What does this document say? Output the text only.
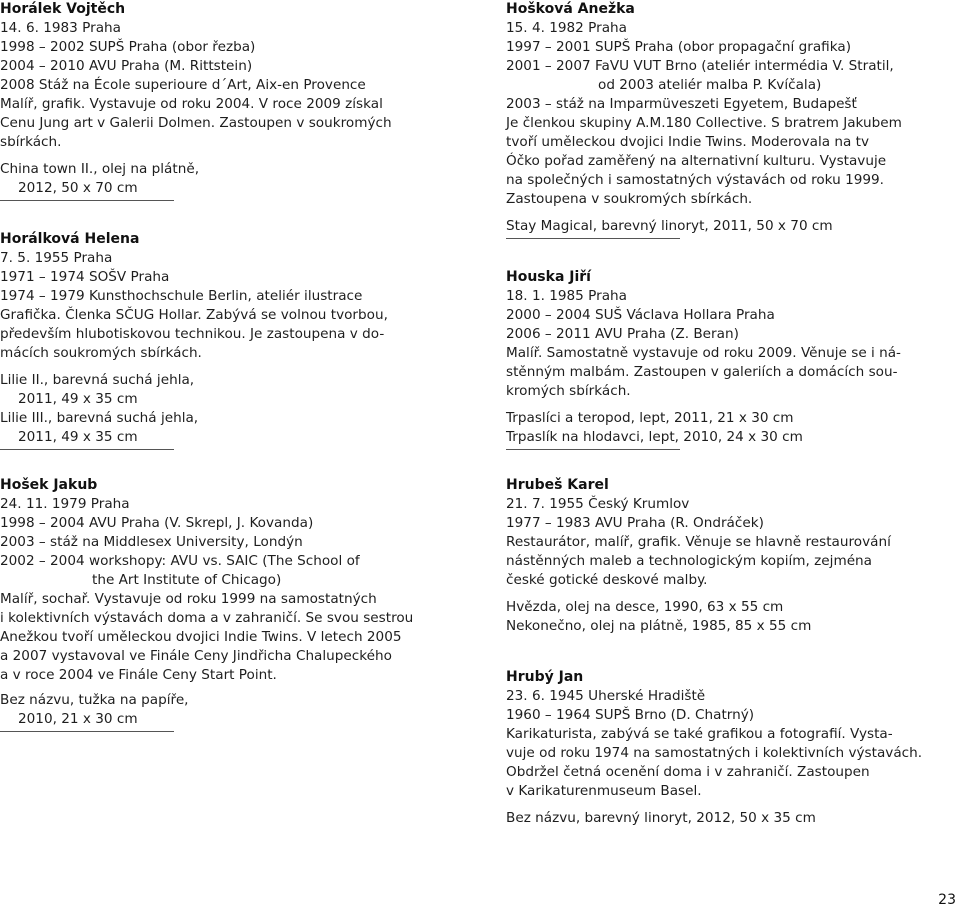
Horálek Vojtěch
14. 6. 1983 Praha
1998 – 2002 SUPŠ Praha (obor řezba)
2004 – 2010 AVU Praha (M. Rittstein)
2008 Stáž na École superioure d´Art, Aix-en Provence
Malíř, grafik. Vystavuje od roku 2004. V roce 2009 získal
Cenu Jung art v Galerii Dolmen. Zastoupen v soukromých
sbírkách.
China town II., olej na plátně,
2012, 50 x 70 cm
Horálková Helena
7. 5. 1955 Praha
1971 – 1974 SOŠV Praha
1974 – 1979 Kunsthochschule Berlin, ateliér ilustrace
Grafička. Členka SČUG Hollar. Zabývá se volnou tvorbou,
především hlubotiskovou technikou. Je zastoupena v do-
mácích soukromých sbírkách.
Lilie II., barevná suchá jehla,
2011, 49 x 35 cm
Lilie III., barevná suchá jehla,
2011, 49 x 35 cm
Hošek Jakub
24. 11. 1979 Praha
1998 – 2004 AVU Praha (V. Skrepl, J. Kovanda)
2003 – stáž na Middlesex University, Londýn
2002 – 2004 workshopy: AVU vs. SAIC (The School of
the Art Institute of Chicago)
Malíř, sochař. Vystavuje od roku 1999 na samostatných
i kolektivních výstavách doma a v zahraničí. Se svou sestrou
Anežkou tvoří uměleckou dvojici Indie Twins. V letech 2005
a 2007 vystavoval ve Finále Ceny Jindřicha Chalupeckého
a v roce 2004 ve Finále Ceny Start Point.
Bez názvu, tužka na papíře,
2010, 21 x 30 cm
Hošková Anežka
15. 4. 1982 Praha
1997 – 2001 SUPŠ Praha (obor propagační grafika)
2001 – 2007 FaVU VUT Brno (ateliér intermédia V. Stratil,
od 2003 ateliér malba P. Kvíčala)
2003 – stáž na Imparmüveszeti Egyetem, Budapešť
Je členkou skupiny A.M.180 Collective. S bratrem Jakubem
tvoří uměleckou dvojici Indie Twins. Moderovala na tv
Óčko pořad zaměřený na alternativní kulturu. Vystavuje
na společných i samostatných výstavách od roku 1999.
Zastoupena v soukromých sbírkách.
Stay Magical, barevný linoryt, 2011, 50 x 70 cm
Houska Jiří
18. 1. 1985 Praha
2000 – 2004 SUŠ Václava Hollara Praha
2006 – 2011 AVU Praha (Z. Beran)
Malíř. Samostatně vystavuje od roku 2009. Věnuje se i ná-
stěnným malbám. Zastoupen v galeriích a domácích sou-
kromých sbírkách.
Trpaslíci a teropod, lept, 2011, 21 x 30 cm
Trpaslík na hlodavci, lept, 2010, 24 x 30 cm
Hrubeš Karel
21. 7. 1955 Český Krumlov
1977 – 1983 AVU Praha (R. Ondráček)
Restaurátor, malíř, grafik. Věnuje se hlavně restaurování
nástěnných maleb a technologickým kopiím, zejména
české gotické deskové malby.
Hvězda, olej na desce, 1990, 63 x 55 cm
Nekonečno, olej na plátně, 1985, 85 x 55 cm
Hrubý Jan
23. 6. 1945 Uherské Hradiště
1960 – 1964 SUPŠ Brno (D. Chatrný)
Karikaturista, zabývá se také grafikou a fotografií. Vysta-
vuje od roku 1974 na samostatných i kolektivních výstavách.
Obdržel četná ocenění doma i v zahraničí. Zastoupen
v Karikaturenmuseum Basel.
Bez názvu, barevný linoryt, 2012, 50 x 35 cm
23
